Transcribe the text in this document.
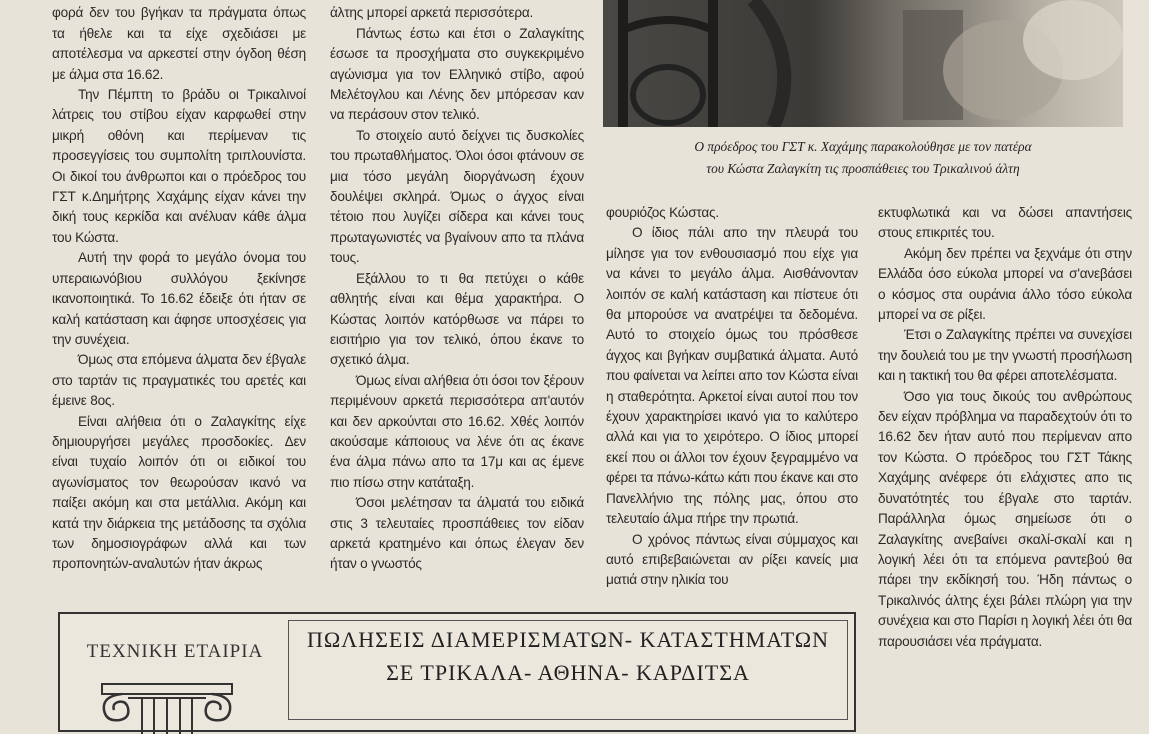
φορά δεν του βγήκαν τα πράγματα όπως τα ήθελε και τα είχε σχεδιάσει με αποτέλεσμα να αρκεστεί στην όγδοη θέση με άλμα στα 16.62.

Την Πέμπτη το βράδυ οι Τρικαλινοί λάτρεις του στίβου είχαν καρφωθεί στην μικρή οθόνη και περίμεναν τις προσεγγίσεις του συμπολίτη τριπλουνίστα. Οι δικοί του άνθρωποι και ο πρόεδρος του ΓΣΤ κ.Δημήτρης Χαχάμης είχαν κάνει την δική τους κερκίδα και ανέλυαν κάθε άλμα του Κώστα.

Αυτή την φορά το μεγάλο όνομα του υπεραιωνόβιου συλλόγου ξεκίνησε ικανοποιητικά. Το 16.62 έδειξε ότι ήταν σε καλή κατάσταση και άφησε υποσχέσεις για την συνέχεια.

Όμως στα επόμενα άλματα δεν έβγαλε στο ταρτάν τις πραγματικές του αρετές και έμεινε 8ος.

Είναι αλήθεια ότι ο Ζαλαγκίτης είχε δημιουργήσει μεγάλες προσδοκίες. Δεν είναι τυχαίο λοιπόν ότι οι ειδικοί του αγωνίσματος τον θεωρούσαν ικανό να παίξει ακόμη και στα μετάλλια. Ακόμη και κατά την διάρκεια της μετάδοσης τα σχόλια των δημοσιογράφων αλλά και των προπονητών-αναλυτών ήταν άκρως

άλτης μπορεί αρκετά περισσότερα.

Πάντως έστω και έτσι ο Ζαλαγκίτης έσωσε τα προσχήματα στο συγκεκριμένο αγώνισμα για τον Ελληνικό στίβο, αφού Μελέτογλου και Λένης δεν μπόρεσαν καν να περάσουν στον τελικό.

Το στοιχείο αυτό δείχνει τις δυσκολίες του πρωταθλήματος. Όλοι όσοι φτάνουν σε μια τόσο μεγάλη διοργάνωση έχουν δουλέψει σκληρά. Όμως ο άγχος είναι τέτοιο που λυγίζει σίδερα και κάνει τους πρωταγωνιστές να βγαίνουν απο τα πλάνα τους.

Εξάλλου το τι θα πετύχει ο κάθε αθλητής είναι και θέμα χαρακτήρα. Ο Κώστας λοιπόν κατόρθωσε να πάρει το εισιτήριο για τον τελικό, όπου έκανε το σχετικό άλμα.

Όμως είναι αλήθεια ότι όσοι τον ξέρουν περιμένουν αρκετά περισσότερα απ'αυτόν και δεν αρκούνται στο 16.62. Χθές λοιπόν ακούσαμε κάποιους να λένε ότι ας έκανε ένα άλμα πάνω απο τα 17μ και ας έμενε πιο πίσω στην κατάταξη.

Όσοι μελέτησαν τα άλματά του ειδικά στις 3 τελευταίες προσπάθειες τον είδαν αρκετά κρατημένο και όπως έλεγαν δεν ήταν ο γνωστός

Ο πρόεδρος του ΓΣΤ κ. Χαχάμης παρακολούθησε με τον πατέρα
του Κώστα Ζαλαγκίτη τις προσπάθειες του Τρικαλινού άλτη

φουριόζος Κώστας.

Ο ίδιος πάλι απο την πλευρά του μίλησε για τον ενθουσιασμό που είχε για να κάνει το μεγάλο άλμα. Αισθάνονταν λοιπόν σε καλή κατάσταση και πίστευε ότι θα μπορούσε να ανατρέψει τα δεδομένα. Αυτό το στοιχείο όμως του πρόσθεσε άγχος και βγήκαν συμβατικά άλματα. Αυτό που φαίνεται να λείπει απο τον Κώστα είναι η σταθερότητα. Αρκετοί είναι αυτοί που τον έχουν χαρακτηρίσει ικανό για το καλύτερο αλλά και για το χειρότερο. Ο ίδιος μπορεί εκεί που οι άλλοι τον έχουν ξεγραμμένο να φέρει τα πάνω-κάτω κάτι που έκανε και στο Πανελλήνιο της πόλης μας, όπου στο τελευταίο άλμα πήρε την πρωτιά.

Ο χρόνος πάντως είναι σύμμαχος και αυτό επιβεβαιώνεται αν ρίξει κανείς μια ματιά στην ηλικία του

εκτυφλωτικά και να δώσει απαντήσεις στους επικριτές του.

Ακόμη δεν πρέπει να ξεχνάμε ότι στην Ελλάδα όσο εύκολα μπορεί να σ'ανεβάσει ο κόσμος στα ουράνια άλλο τόσο εύκολα μπορεί να σε ρίξει.

Έτσι ο Ζαλαγκίτης πρέπει να συνεχίσει την δουλειά του με την γνωστή προσήλωση και η τακτική του θα φέρει αποτελέσματα.

Όσο για τους δικούς του ανθρώπους δεν είχαν πρόβλημα να παραδεχτούν ότι το 16.62 δεν ήταν αυτό που περίμεναν απο τον Κώστα. Ο πρόεδρος του ΓΣΤ Τάκης Χαχάμης ανέφερε ότι ελάχιστες απο τις δυνατότητές του έβγαλε στο ταρτάν. Παράλληλα όμως σημείωσε ότι ο Ζαλαγκίτης ανεβαίνει σκαλί-σκαλί και η λογική λέει ότι τα επόμενα ραντεβού θα πάρει την εκδίκησή του. Ήδη πάντως ο Τρικαλινός άλτης έχει βάλει πλώρη για την συνέχεια και στο Παρίσι η λογική λέει ότι θα παρουσιάσει νέα πράγματα.

ΤΕΧΝΙΚΗ ΕΤΑΙΡΙΑ	ΠΩΛΗΣΕΙΣ ΔΙΑΜΕΡΙΣΜΑΤΩΝ- ΚΑΤΑΣΤΗΜΑΤΩΝ
ΣΕ ΤΡΙΚΑΛΑ- ΑΘΗΝΑ- ΚΑΡΔΙΤΣΑ
